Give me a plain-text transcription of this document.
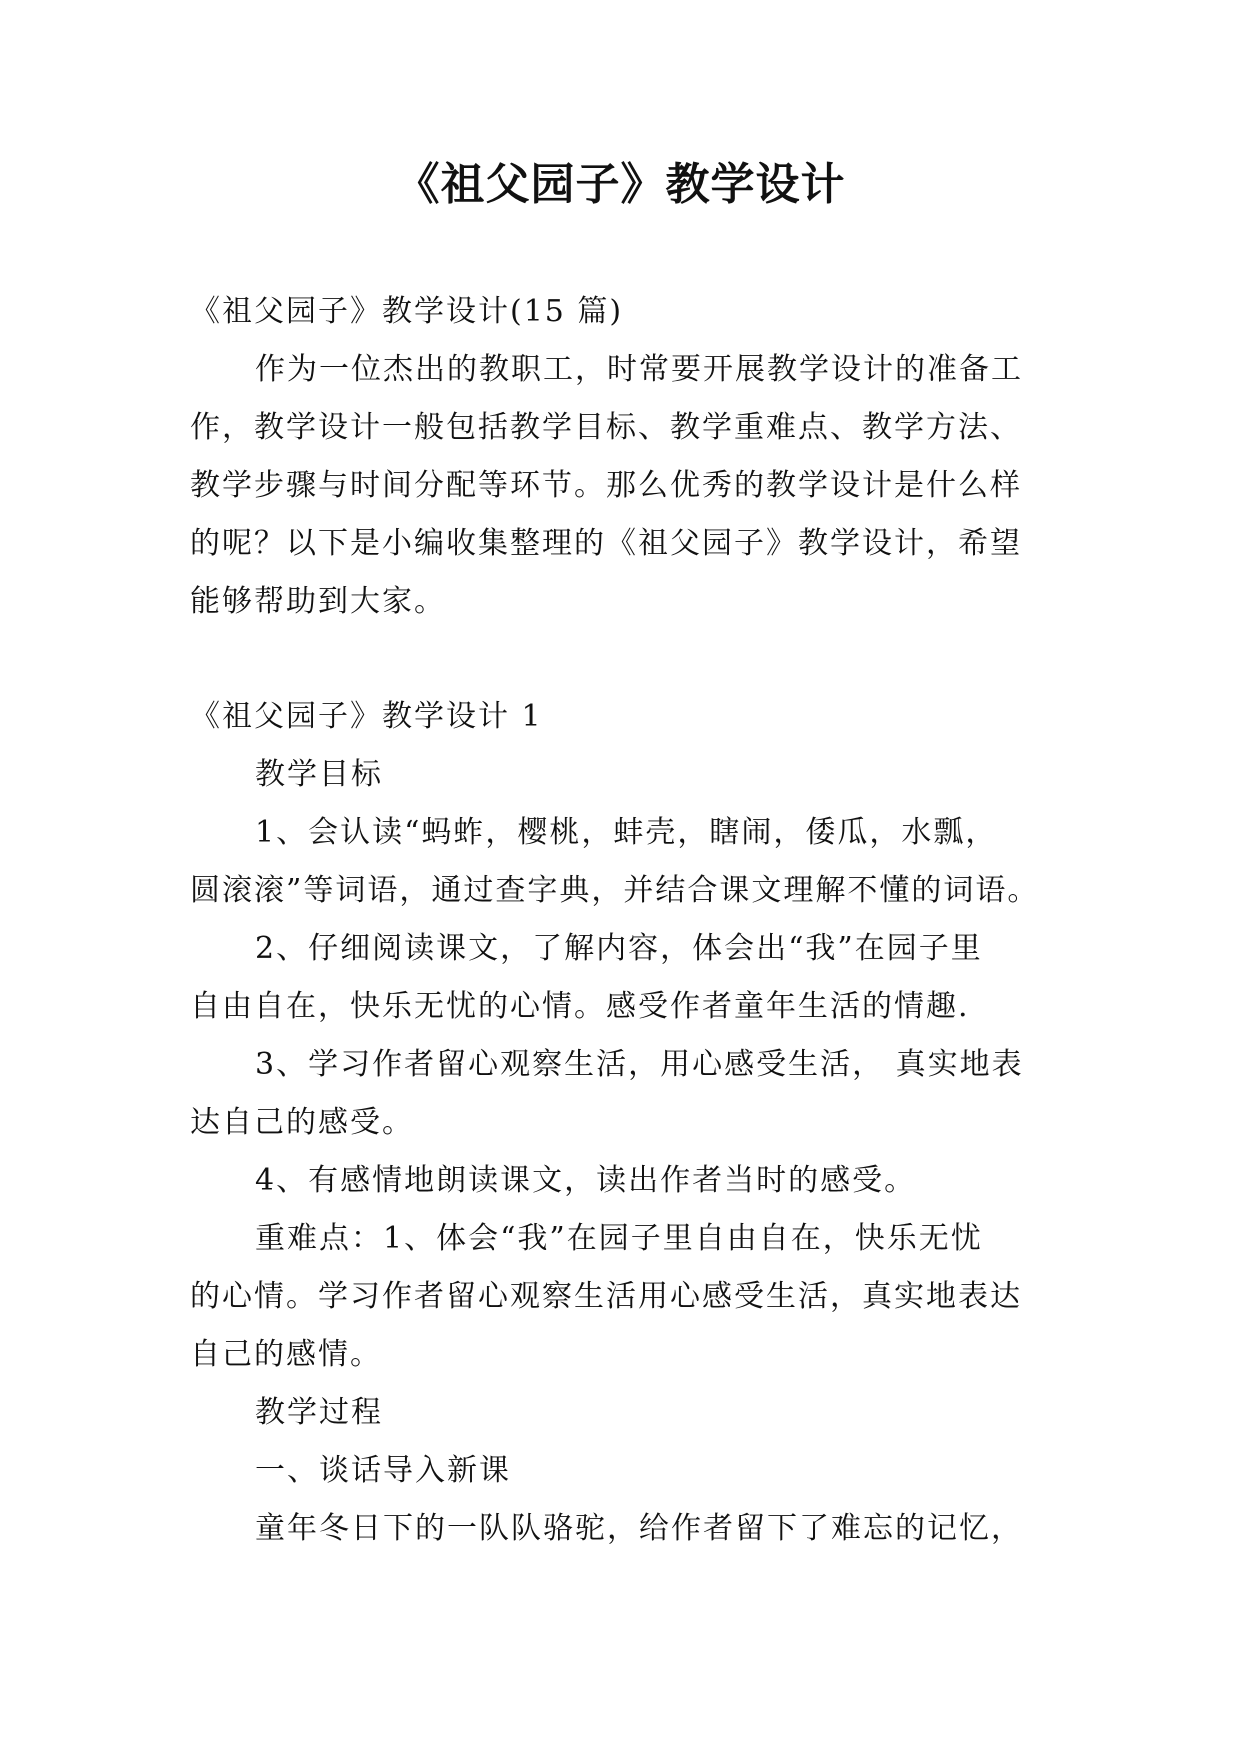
《祖父园子》教学设计
《祖父园子》教学设计(15 篇)
作为一位杰出的教职工，时常要开展教学设计的准备工
作，教学设计一般包括教学目标、教学重难点、教学方法、
教学步骤与时间分配等环节。那么优秀的教学设计是什么样
的呢？以下是小编收集整理的《祖父园子》教学设计，希望
能够帮助到大家。
《祖父园子》教学设计 1
教学目标
1、会认读“蚂蚱，樱桃，蚌壳，瞎闹，倭瓜，水瓢，
圆滚滚”等词语，通过查字典，并结合课文理解不懂的词语。
2、仔细阅读课文，了解内容，体会出“我”在园子里
自由自在，快乐无忧的心情。感受作者童年生活的情趣.
3、学习作者留心观察生活，用心感受生活， 真实地表
达自己的感受。
4、有感情地朗读课文，读出作者当时的感受。
重难点：1、体会“我”在园子里自由自在，快乐无忧
的心情。学习作者留心观察生活用心感受生活，真实地表达
自己的感情。
教学过程
一、谈话导入新课
童年冬日下的一队队骆驼，给作者留下了难忘的记忆，
